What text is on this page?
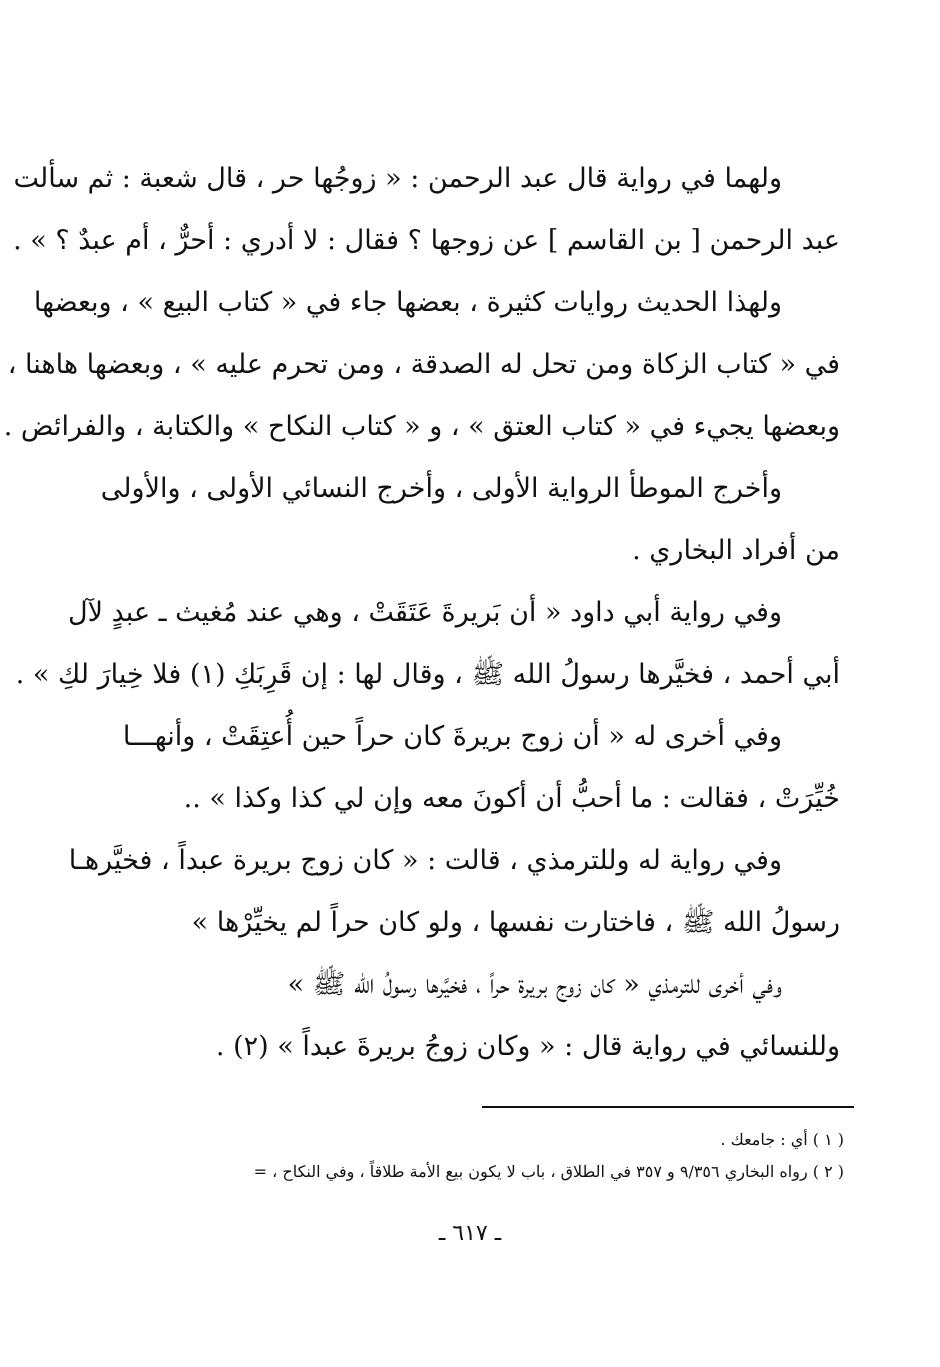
ولهما في رواية قال عبد الرحمن : « زوجُها حر ، قال شعبة : ثم سألت
عبد الرحمن [ بن القاسم ] عن زوجها ؟ فقال : لا أدري : أحرٌّ ، أم عبدٌ ؟ » .
ولهذا الحديث روايات كثيرة ، بعضها جاء في « كتاب البيع » ، وبعضها
في « كتاب الزكاة ومن تحل له الصدقة ، ومن تحرم عليه » ، وبعضها هاهنا ،
وبعضها يجيء في « كتاب العتق » ، و « كتاب النكاح » والكتابة ، والفرائض .
وأخرج الموطأ الرواية الأولى ، وأخرج النسائي الأولى ، والأولى
من أفراد البخاري .
وفي رواية أبي داود « أن بَريرةَ عَتَقَتْ ، وهي عند مُغيث ـ عبدٍ لآل
أبي أحمد ، فخيَّرها رسولُ الله ﷺ ، وقال لها : إن قَرِبَكِ (١) فلا خِيارَ لكِ » .
وفي أخرى له « أن زوج بريرةَ كان حراً حين أُعتِقَتْ ، وأنهـــا
خُيِّرَتْ ، فقالت : ما أحبُّ أن أكونَ معه وإن لي كذا وكذا » ..
وفي رواية له وللترمذي ، قالت : « كان زوج بريرة عبداً ، فخيَّرهـا
رسولُ الله ﷺ ، فاختارت نفسها ، ولو كان حراً لم يخيِّرْها »
وفي أخرى للترمذي « كان زوج بريرة حراً ، فخيَّرها رسولُ الله ﷺ »
وللنسائي في رواية قال : « وكان زوجُ بريرةَ عبداً » (٢) .
( ١ ) أي : جامعك .
( ٢ ) رواه البخاري ٩/٣٥٦ و ٣٥٧ في الطلاق ، باب لا يكون بيع الأمة طلاقاً ، وفي النكاح ، =
ـ ٦١٧ ـ
